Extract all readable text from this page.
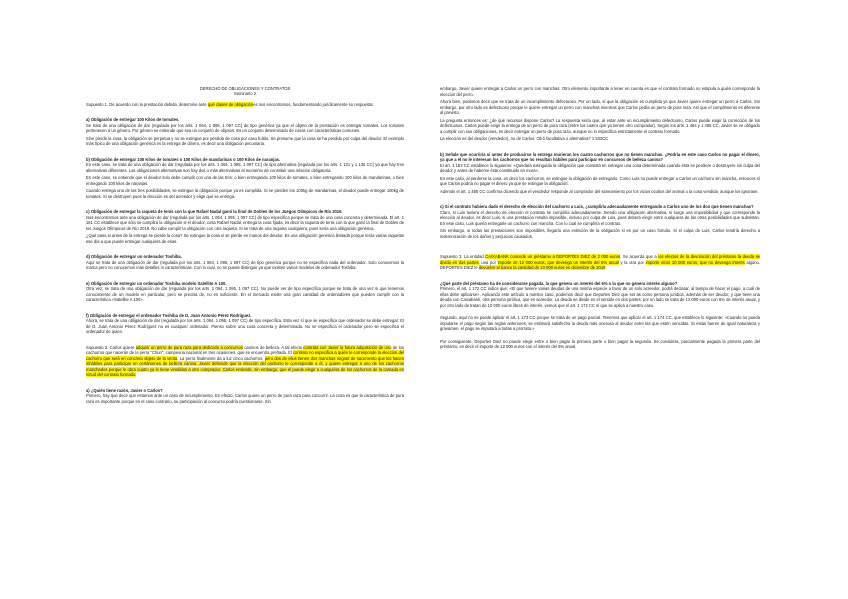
DERECHO DE OBLIGACIONES Y CONTRATOS
Seminario 2

Supuesto 1. De acuerdo con la prestación debida, determine ante qué clases de obligaciónes nos encontramos, fundamentando jurídicamente su respuesta:

a) Obligación de entregar 100 Kilos de tomates.

Se trata de una obligación de dar (regulada por los arts. 1 064, 1 095, 1 097 CC) de tipo genérica ya que el objeto de la prestación es entregar tomates. Los tomates pertenecen a un género. Por género se entiende que sea un conjunto de objetos. Es un conjunto determinado de cosas con características comunes.

Sine pierde la cosa, la obligación se perpetua y no se extingue por pérdida de cosa por caso fuítito. Se presume que la cosa se ha perdido por culpa del deudor. El exemplo más típico de una obligación genérica es la entrega de dinero, es decir una obligación pecuniaria.

b) Obligación de entregar 100 Kilos de tomates o 100 Kilos de mandarinas o 100 Kilos de naranjas.

En este caso, se trata de una obligación de dar (regulada por los arts. 1 064, 1 095, 1 097 CC) de tipo alternativa (regulada por los arts. 1 131 y 1 136 CC) ya que hay tres alternativas diferentes. Las obligaciones alternativas son hay dos o más alternativas al momento de constituir una relación obligatoria.

En este caso, se entiende que el deudor solo debe cumplir con una de las tres: o bien entregando 100 kilos de tomates, o bien entregando 100 kilos de mandarinas, o bien entregando 100 kilos de naranjas.

Cuando entrega una de las tres posibilidades, se extingue la obligación porque ya es cumplida. Si se pierden los 100kg de mandarinas, el deudor puede entregar 100kg de tomates. Si se destruyen pues la elección es del acreedor y elige qué se entrega.

c) Obligación de entregar la raqueta de tenis con la que Rafael Nadal ganó la final de Dobles de los Juegos Olímpicos de Río 2016.

Nos encontramos ante una obligación de dar (regulada por los arts. 1 064, 1 095, 1 097 CC) de tipo específica porque se trata de una cosa concreta y determinada. El art. 1 161 CC establece que sólo se cumplirá la obligación si el deudor, cosa Rafael Nadal, entrega la cosa fijada, es decir la raqueta de tenis con la que ganó la final de Dobles de los Juegos Olímpicos de Río 2016. No cabe cumplir la obligación con otra raqueta. Si se trata de una raqueta cualquiera, pues sería una obligación genérica.

¿Qué pasa si antes de la entrega se pierde la cosa? Se extingue la cosa si se pierde en manos del deudor. Es una obligación genérica limitada porque tenía varias raquetas ese día a que puede entregar cualquiera de esas.

d) Obligación de entregar un ordenador Toshiba.

Aquí se trata de una obligación de dar (regulada por los arts. 1 064, 1 095, 1 097 CC) de tipo genérica porque no se especifica nada del ordenador. Solo conocemos la marca pero no conocemos más detalles ni características. Con lo cual, no se puede distinguir ya que existen varios modelos de ordenador Toshiba.

e) Obligación de entregar un ordenador Toshiba modelo Satellite A 100.

Otra vez, se trata de una obligación de dar (regulada por los arts. 1 064, 1 095, 1 097 CC). No puede ver de tipo específica porque se trata de una vez si que tenemos conocimiento de un modelo en particular, pero se precisa de, no es suficiente. En el mercado existe una gran cantidad de ordenadores que pueden cumplir con la característica «Satellite A 100».

f) Obligación de entregar el ordenador Toshiba de D. Juan Antonio Pérez Rodríguez.

Ahora, se trata de una obligación de dar (regulada por los arts. 1 064, 1 095, 1 097 CC) de tipo específica. Esta vez sí que se especifica que ordenador se debe entregar: El de D. Juan Antonio Pérez Rodríguez no es cualquier ordenador. Pienso sobre una cosa concreta y determinada. No se especifica el ordenador pero se especifica el ordenador de quien.

Supuesto 2. Carlos quiere adquirir un perro de pura raza para dedicarlo a concursos caninos de belleza. A tal efecto contrata con Javier la futura adquisición de uno de los cachorros que nacerán de la perra "Churi", campeona nacional en tres ocasiones, que se encuentra preñada. El contrato no especifica a quién le corresponde la elección del cachorro que será en concreto objeto de la venta. La perra finalmente da a luz cinco cachorros, pero dos de ellos tienen dos manchas negras de nacimiento que los hacen inhábiles para participar en certámenes de belleza canina. Javier defiende que la elección del cachorro le corresponde a él, y quiere entregar a uno de los cachorros manchados porque le obra cuatro ya le tiene vendidos a otro comprador. Carlos entiende, sin embargo, que él puede elegir a cualquiera de los cachorros de la camada en virtud del contrato formado.

a) ¿Quién tiene razón, Javier o Carlos?

Primero, hay que decir que estamos ante un caso de incumplimiento. En efecto, Carlos quiere un perro de pura raza para concurrir. La cosa es que la característica de pura raza es importante porque en el caso contrario, su participación al concurso podría cuestionarse. Sin

embargo, Javier quiere entregar a Carlos un perro con manchas. Otro elemento importante a tener en cuenta es que el contrato formado no estipula a quién corresponde la elección del perro.

Ahora bien, podemos decir que se trata de un incumplimiento defectuoso. Por un lado, sí que la obligación es cumplida ya que Javier quiere entregar un perro a Carlos. Sin embargo, por otro lado es defectuoso porque le quiere entregar un perro con manchas mientras que Carlos pedía un perro de pura raza. Así que el cumplimiento es diferente al previsto.

La pregunta entonces es: ¿de qué recursos dispone Carlos? La respuesta sería que, al estar ante un incumplimiento defectuoso, Carlos puede exigir la corrección de los defectuosos. Carlos puede exigir la entrega de un perro de pura raza (entre los cuatro que ya tienen otro comprador). Según los arts. 1 484 y 1 485 CC, Javier se ve obligado a cumplir con sus obligaciones, es decir entregar un perro de pura raza, aunque no lo especifica estrictamente el contrato formado.

La elección es del deudor (vendedor), no de Carlos. Ob li facultativa o alternativa? 1 532CC

b) Señale que ocurriría si antes de producirse la entrega murieran los cuatro cachorros que no tienen manchas. ¿Podría en este caso Carlos no pagar el dinero, ya que a él no le interesan los cachorros que no resultan hábiles para participar en concursos de belleza canina?

El art. 1 183 CC establece lo siguiente: «Quedará extinguida la obligación que consista en entregar una cosa determinada cuando ésta se perdiere o destruyere sin culpa del deudor y antes de haberse éste constituido en mora».

En este caso, al perderse la cosa, es decir los cachorros, se extingue la obligación de entregarlo. Como Luis no puede entregar a Carlos un cachorro sin mancha, entonces sí que Carlos podría no pagar el dinero ya que se extingue la obligación.

Además el art. 1 485 CC confirma diciendo que el vendedor responde al comprador del saneamiento por los vicios ocultos del animal o la cosa vendida, aunque los ignorase.

c) Si el contrato hubiera dado el derecho de elección del cachorro a Luis, ¿cumpliría adecuadamente entregando a Carlos uno de los dos que tienen manchas?

Claro, si Luis tuviera el derecho de elección el contrato se cumpliría adecuadamente. Siendo una obligación alternativa, si surge una imposibilidad y que corresponde la elección al deudor, es decir Luis, si una prestación resulta imposible, incluso por culpa de Luis, pues deberá elegir entre cualquiera de las otras posibilidades que subsistan. En este caso, Luis quería entregarle un cachorro con mancha. Con lo cual se cumpliría el contrato.

Sin embargo, si todas las prestaciones son imposibles, llegaría una extinción de la obligación si es por un caso fortuito. Si el culpa de Luis, Carlos tendría derecho a indemnización de los daños y perjuicios causados.

Supuesto 3. La entidad CAIXABANK concede un préstamo a DEPORTES DIEZ de 2 000 euros. Se acuerda que a los efectos de la devolución del préstamo la deuda se divida en dos partes, una por importe de 12 000 euros, que devenga un interés del 6% anual y la otra por importe otros 10 000 euros, que no devenga interés alguno. DEPORTES DIEZ le devuelve al banco la cantidad de 10 000 euros en diciembre de 2019.

¿Qué parte del préstamo ha de considerarse pagada, la que genera un interés del 6% o la que no genera interés alguno?

Primero, el art. 1 172 CC indica que: «El que tuviere varias deudas de una misma especie a favor de un solo acreedor, podrá declarar, al tiempo de hacer el pago, a cuál de ellas debe aplicarse». Aplicando este artículo a nuestro caso, podemos decir que Deportes Diez que set as como persona jurídica, además de ser deudor, y que tiene una deuda con Caixabank, otra persona jurídica, que es acreedor. La deuda se divide en el sentido en dos partes: por un lado se trata de 12 000 euros con 6% de interés anual, y por otro lado de tratan de 10 000 euros libres de interés, vemos que el art. 1 172 CC sí que se aplica a nuestro caso.

Segundo, aquí no se puede aplicar el art. 1 173 CC porque se trata de un pago parcial. Tenemos que aplicar el art. 1 174 CC, que establece lo siguiente: «Cuando no pueda imputarse el pago según las reglas anteriores, se estimará satisfecha la deuda más onerosa al deudor entre las que estén vencidas. Si éstas fueren de igual naturaleza y gravamen, el pago se imputará a todas a prorrata.»

Por consiguiente, Deportes Diez no puede elegir entre o bien pagar la primera parte o bien pagar la segunda. Se considera, parcialmente pagada la primera parte del préstamo, es decir el importe de 12 000 euros con el interés del 6% anual.
